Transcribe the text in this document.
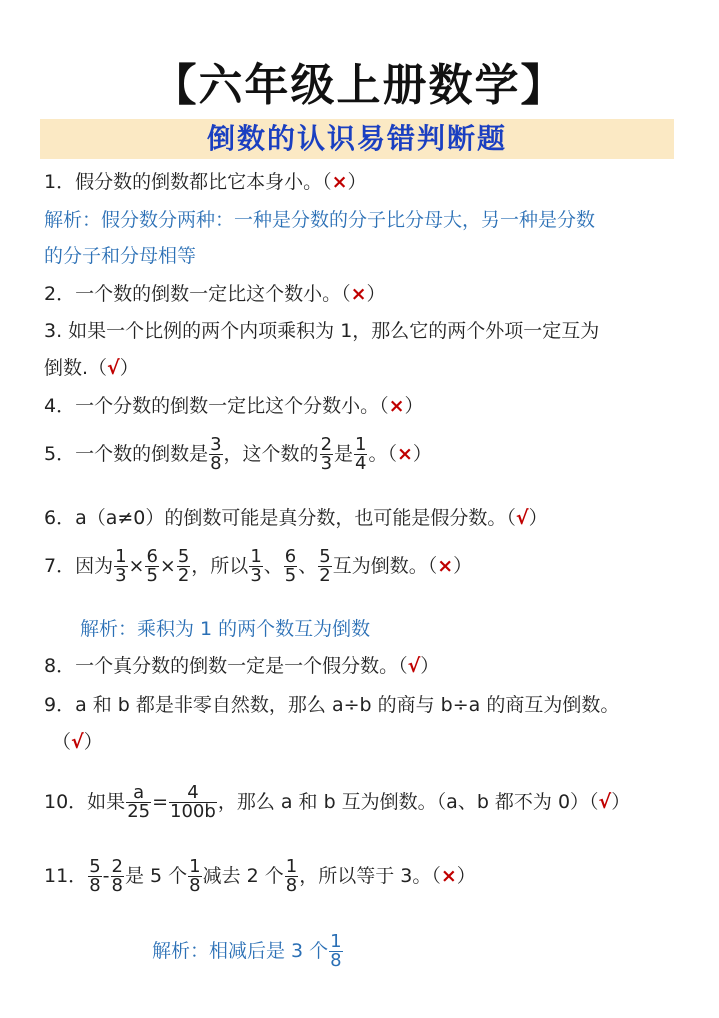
【六年级上册数学】
倒数的认识易错判断题
1．假分数的倒数都比它本身小。（×）
解析：假分数分两种：一种是分数的分子比分母大，另一种是分数
的分子和分母相等
2．一个数的倒数一定比这个数小。（×）
3. 如果一个比例的两个内项乘积为 1，那么它的两个外项一定互为
倒数.（√）
4．一个分数的倒数一定比这个分数小。（×）
5．一个数的倒数是 $\frac{3}{8}$ ，这个数的 $\frac{2}{3}$ 是 $\frac{1}{4}$ 。（×）
6．a（a≠0）的倒数可能是真分数，也可能是假分数。（√）
7．因为 $\frac{1}{3} \times \frac{6}{5} \times \frac{5}{2}$ ，所以 $\frac{1}{3}$ 、 $\frac{6}{5}$ 、 $\frac{5}{2}$ 互为倒数。（×）
解析：乘积为 1 的两个数互为倒数
8．一个真分数的倒数一定是一个假分数。（√）
9．a 和 b 都是非零自然数，那么 a÷b 的商与 b÷a 的商互为倒数。
（√）
10．如果 $\frac{a}{25} = \frac{4}{100b}$ ，那么 a 和 b 互为倒数。（a、b 都不为 0）（√）
11． $\frac{5}{8} - \frac{2}{8}$ 是 5 个 $\frac{1}{8}$ 减去 2 个 $\frac{1}{8}$ ，所以等于 3。（×）
解析：相减后是 3 个 $\frac{1}{8}$
